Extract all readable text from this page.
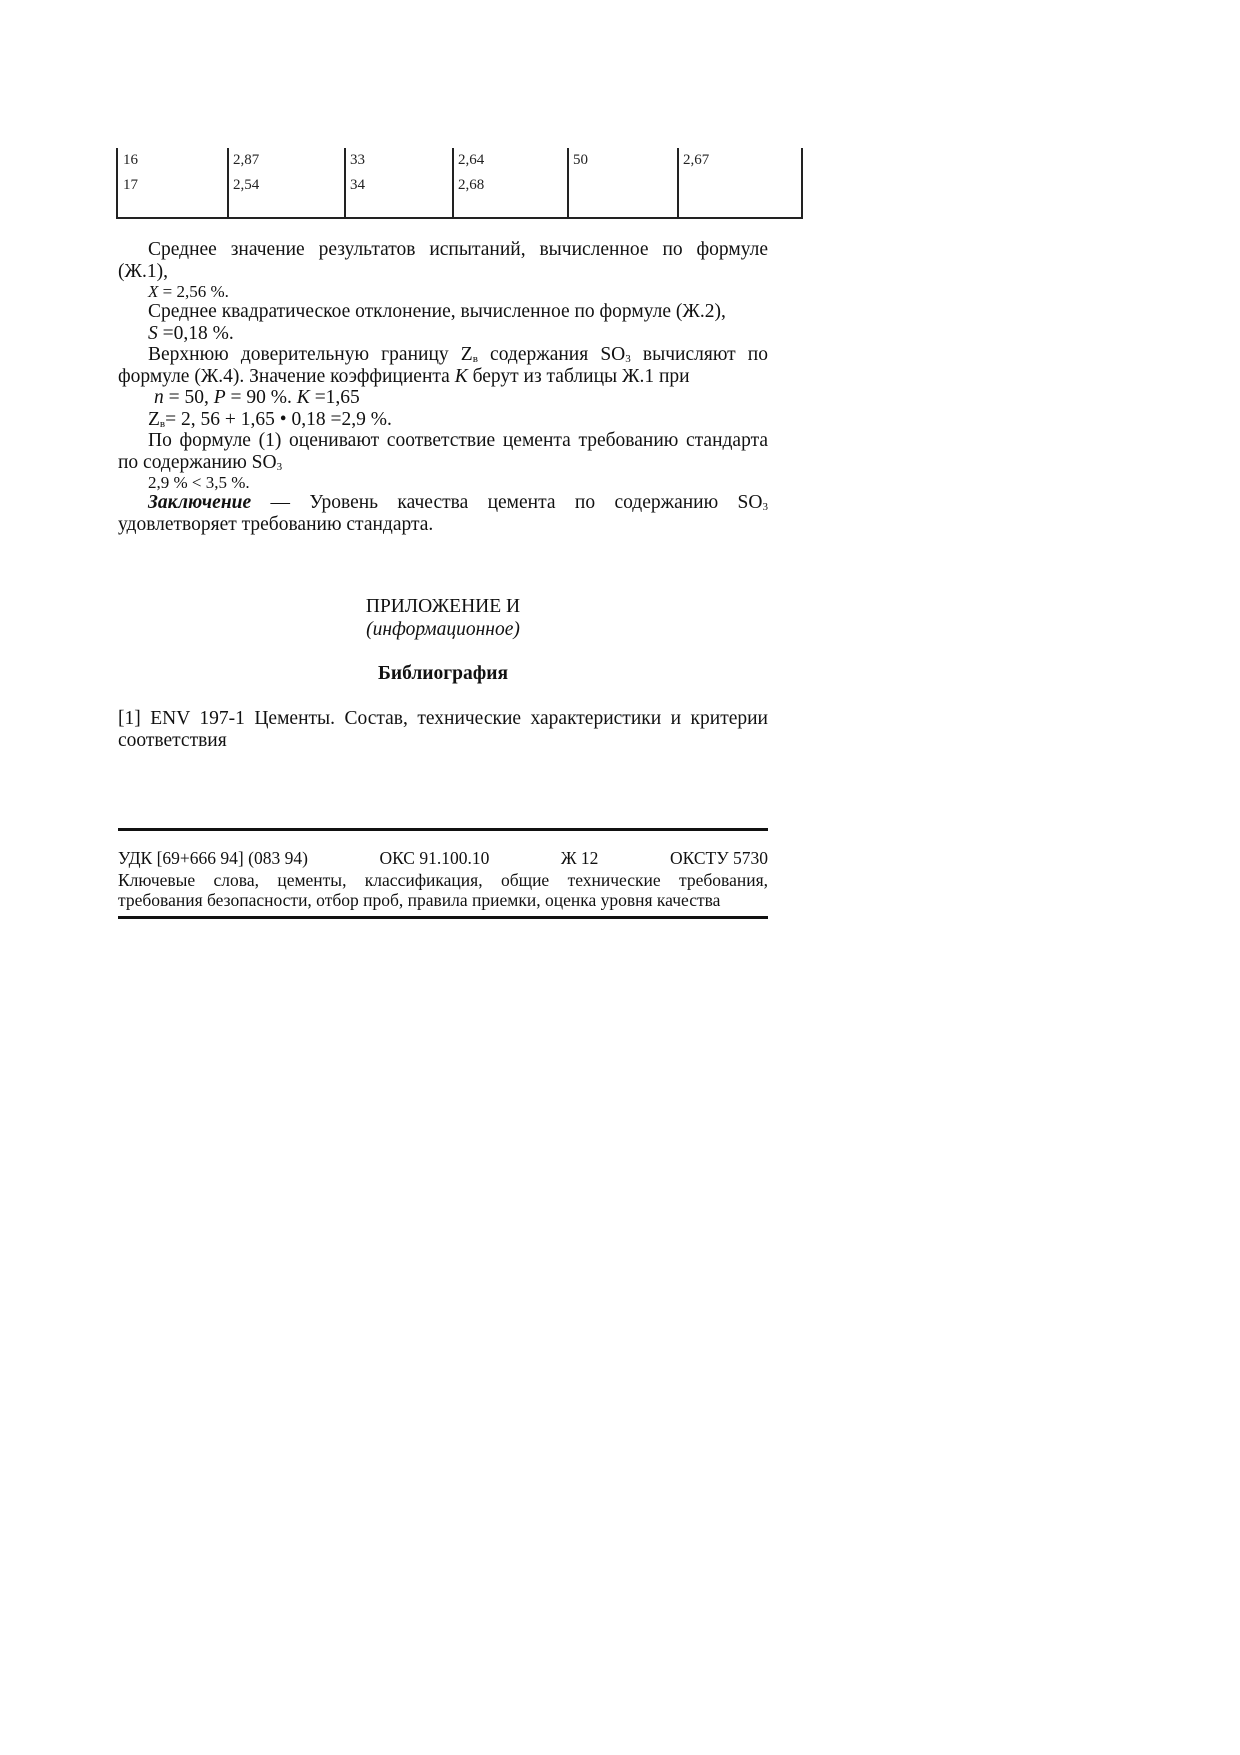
16	2,87	33	2,64	50	2,67
17	2,54	34	2,68

Среднее значение результатов испытаний, вычисленное по формуле (Ж.1),

X = 2,56 %.

Среднее квадратическое отклонение, вычисленное по формуле (Ж.2),

S =0,18 %.

Верхнюю доверительную границу $Z_в$ содержания $SO_3$ вычисляют по формуле (Ж.4). Значение коэффициента K берут из таблицы Ж.1 при

n = 50, P = 90 %. K =1,65

$Z_в= 2$, 56 + 1,65 • 0,18 =2,9 %.

По формуле (1) оценивают соответствие цемента требованию стандарта по содержанию $SO_3$

2,9 % < 3,5 %.

Заключение — Уровень качества цемента по содержанию $SO_3$ удовлетворяет требованию стандарта.

ПРИЛОЖЕНИЕ И
(информационное)
Библиография

[1] ENV 197-1 Цементы. Состав, технические характеристики и критерии соответствия

УДК [69+666 94] (083 94)	ОКС 91.100.10	Ж 12	ОКСТУ 5730

Ключевые слова, цементы, классификация, общие технические требования, требования безопасности, отбор проб, правила приемки, оценка уровня качества
